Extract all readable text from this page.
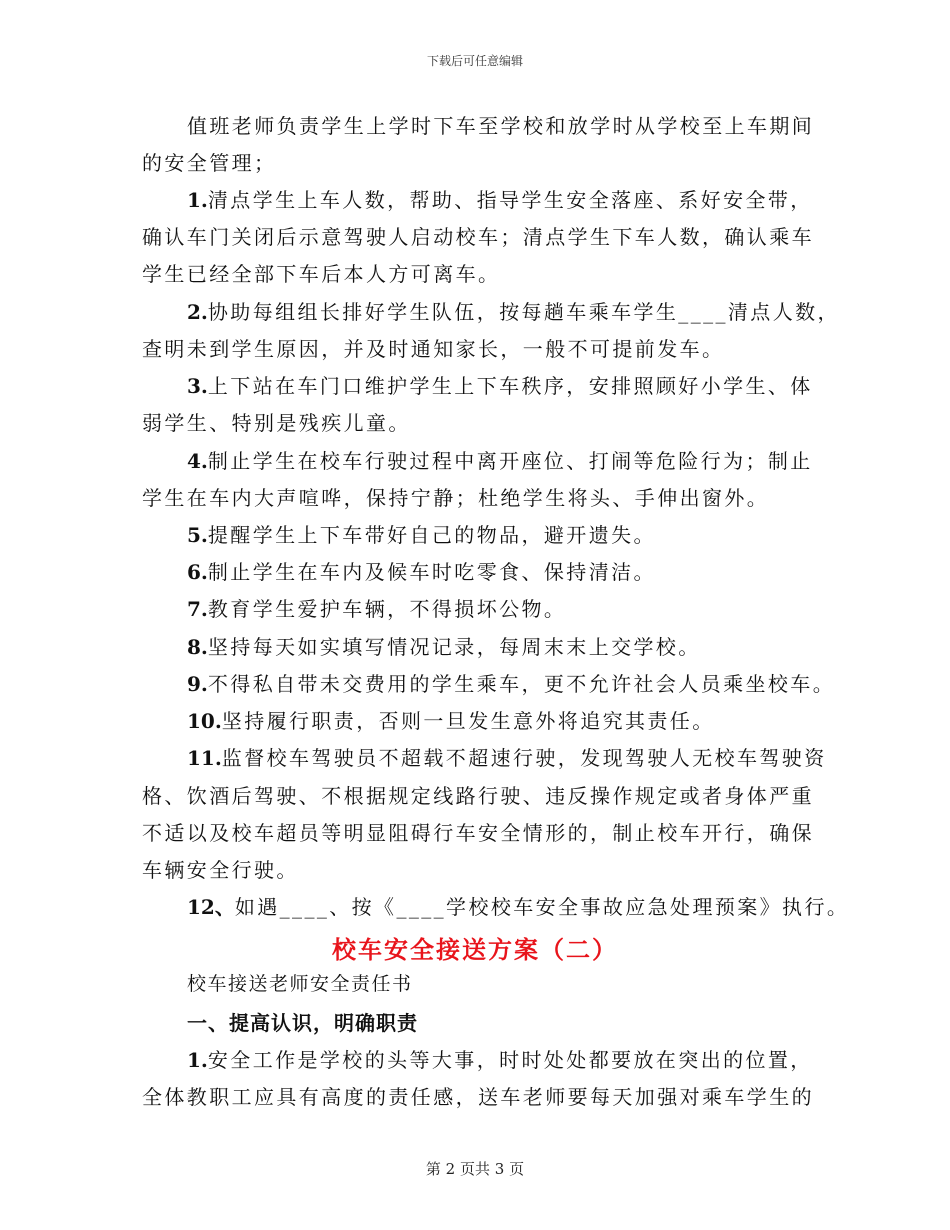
下载后可任意编辑
值班老师负责学生上学时下车至学校和放学时从学校至上车期间
的安全管理；
1.清点学生上车人数，帮助、指导学生安全落座、系好安全带，
确认车门关闭后示意驾驶人启动校车；清点学生下车人数，确认乘车
学生已经全部下车后本人方可离车。
2.协助每组组长排好学生队伍，按每趟车乘车学生____清点人数，
查明未到学生原因，并及时通知家长，一般不可提前发车。
3.上下站在车门口维护学生上下车秩序，安排照顾好小学生、体
弱学生、特别是残疾儿童。
4.制止学生在校车行驶过程中离开座位、打闹等危险行为；制止
学生在车内大声喧哗，保持宁静；杜绝学生将头、手伸出窗外。
5.提醒学生上下车带好自己的物品，避开遗失。
6.制止学生在车内及候车时吃零食、保持清洁。
7.教育学生爱护车辆，不得损坏公物。
8.坚持每天如实填写情况记录，每周末末上交学校。
9.不得私自带未交费用的学生乘车，更不允许社会人员乘坐校车。
10.坚持履行职责，否则一旦发生意外将追究其责任。
11.监督校车驾驶员不超载不超速行驶，发现驾驶人无校车驾驶资
格、饮酒后驾驶、不根据规定线路行驶、违反操作规定或者身体严重
不适以及校车超员等明显阻碍行车安全情形的，制止校车开行，确保
车辆安全行驶。
12、如遇____、按《____学校校车安全事故应急处理预案》执行。
校车安全接送方案（二）
校车接送老师安全责任书
一、提高认识，明确职责
1.安全工作是学校的头等大事，时时处处都要放在突出的位置，
全体教职工应具有高度的责任感，送车老师要每天加强对乘车学生的
第 2 页共 3 页
